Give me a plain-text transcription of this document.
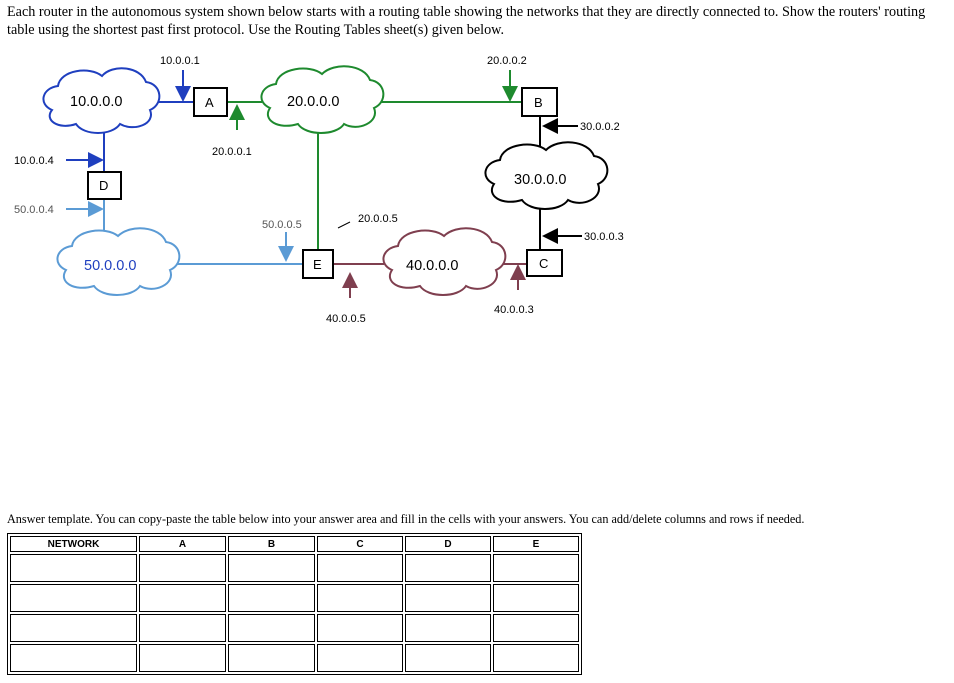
Each router in the autonomous system shown below starts with a routing table showing the networks that they are directly connected to. Show the routers' routing table using the shortest past first protocol. Use the Routing Tables sheet(s) given below.
10.0.0.0	20.0.0.0
30.0.0.0
40.0.0.0
50.0.0.0
A	B
C
D
E
10.0.0.1
20.0.0.1
20.0.0.2
30.0.0.2
30.0.0.3
40.0.0.3
10.0.0.4
50.0.0.4
50.0.0.5	20.0.0.5
40.0.0.5
Answer template. You can copy-paste the table below into your answer area and fill in the cells with your answers. You can add/delete columns and rows if needed.
NETWORK	A	B	C	D	E
